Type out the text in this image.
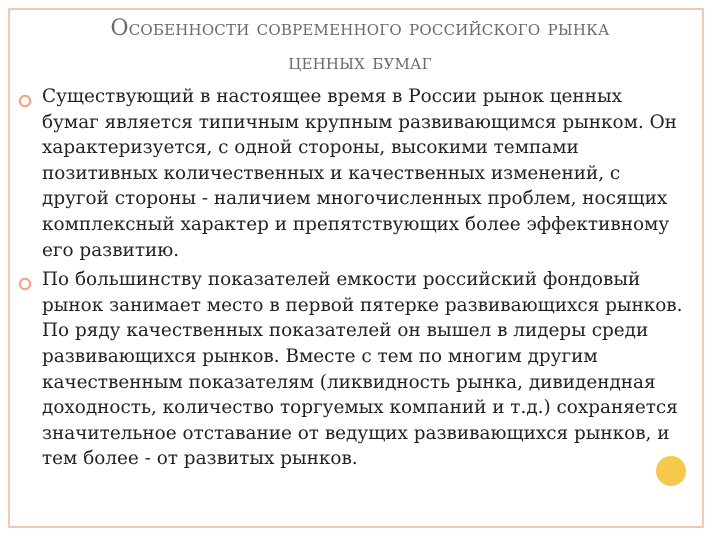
Особенности современного российского рынка
ценных бумаг
Существующий в настоящее время в России рынок ценных бумаг является типичным крупным развивающимся рынком. Он характеризуется, с одной стороны, высокими темпами позитивных количественных и качественных изменений, с другой стороны - наличием многочисленных проблем, носящих комплексный характер и препятствующих более эффективному его развитию.
По большинству показателей емкости российский фондовый рынок занимает место в первой пятерке развивающихся рынков. По ряду качественных показателей он вышел в лидеры среди развивающихся рынков. Вместе с тем по многим другим качественным показателям (ликвидность рынка, дивидендная доходность, количество торгуемых компаний и т.д.) сохраняется значительное отставание от ведущих развивающихся рынков, и тем более - от развитых рынков.
